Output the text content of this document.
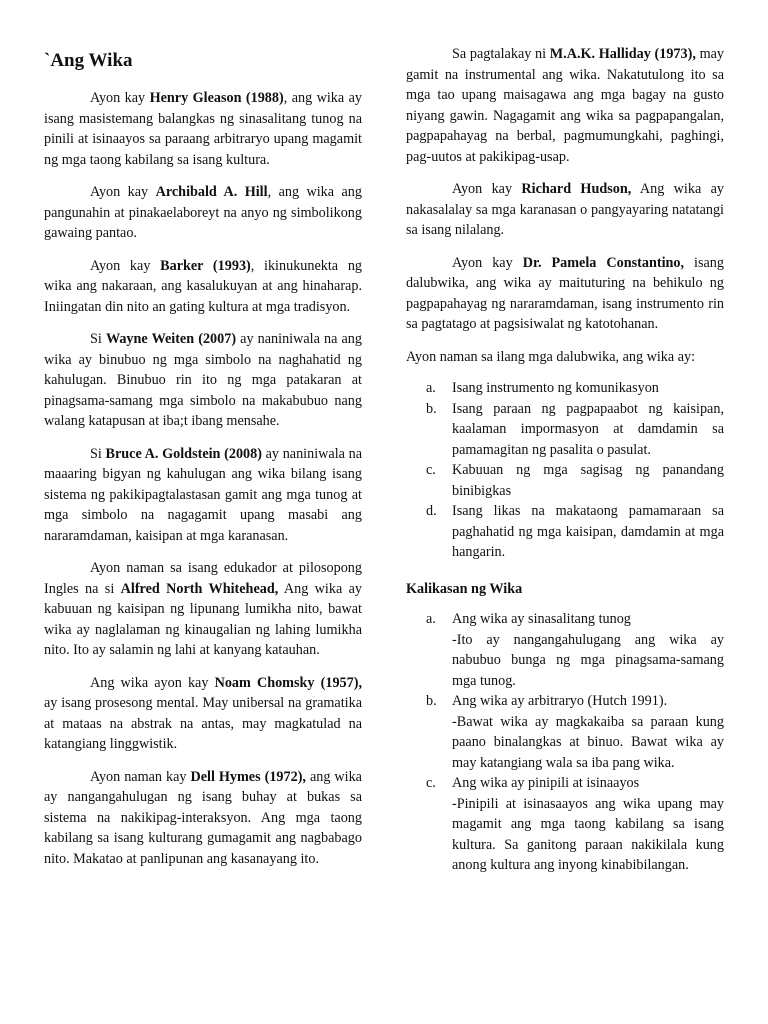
`Ang Wika

Ayon kay Henry Gleason (1988), ang wika ay isang masistemang balangkas ng sinasalitang tunog na pinili at isinaayos sa paraang arbitraryo upang magamit ng mga taong kabilang sa isang kultura.

Ayon kay Archibald A. Hill, ang wika ang pangunahin at pinakaelaboreyt na anyo ng simbolikong gawaing pantao.

Ayon kay Barker (1993), ikinukunekta ng wika ang nakaraan, ang kasalukuyan at ang hinaharap. Iniingatan din nito an gating kultura at mga tradisyon.

Si Wayne Weiten (2007) ay naniniwala na ang wika ay binubuo ng mga simbolo na naghahatid ng kahulugan. Binubuo rin ito ng mga patakaran at pinagsama-samang mga simbolo na makabubuo nang walang katapusan at iba;t ibang mensahe.

Si Bruce A. Goldstein (2008) ay naniniwala na maaaring bigyan ng kahulugan ang wika bilang isang sistema ng pakikipagtalastasan gamit ang mga tunog at mga simbolo na nagagamit upang masabi ang nararamdaman, kaisipan at mga karanasan.

Ayon naman sa isang edukador at pilosopong Ingles na si Alfred North Whitehead, Ang wika ay kabuuan ng kaisipan ng lipunang lumikha nito, bawat wika ay naglalaman ng kinaugalian ng lahing lumikha nito. Ito ay salamin ng lahi at kanyang katauhan.

Ang wika ayon kay Noam Chomsky (1957), ay isang prosesong mental. May unibersal na gramatika at mataas na abstrak na antas, may magkatulad na katangiang linggwistik.

Ayon naman kay Dell Hymes (1972), ang wika ay nangangahulugan ng isang buhay at bukas sa sistema na nakikipag-interaksyon. Ang mga taong kabilang sa isang kulturang gumagamit ang nagbabago nito. Makatao at panlipunan ang kasanayang ito.

Sa pagtalakay ni M.A.K. Halliday (1973), may gamit na instrumental ang wika. Nakatutulong ito sa mga tao upang maisagawa ang mga bagay na gusto niyang gawin. Nagagamit ang wika sa pagpapangalan, pagpapahayag na berbal, pagmumungkahi, paghingi, pag-uutos at pakikipag-usap.

Ayon kay Richard Hudson, Ang wika ay nakasalalay sa mga karanasan o pangyayaring natatangi sa isang nilalang.

Ayon kay Dr. Pamela Constantino, isang dalubwika, ang wika ay maituturing na behikulo ng pagpapahayag ng nararamdaman, isang instrumento rin sa pagtatago at pagsisiwalat ng katotohanan.

Ayon naman sa ilang mga dalubwika, ang wika ay:

a. Isang instrumento ng komunikasyon
b. Isang paraan ng pagpapaabot ng kaisipan, kaalaman impormasyon at damdamin sa pamamagitan ng pasalita o pasulat.
c. Kabuuan ng mga sagisag ng panandang binibigkas
d. Isang likas na makataong pamamaraan sa paghahatid ng mga kaisipan, damdamin at mga hangarin.
Kalikasan ng Wika
a. Ang wika ay sinasalitang tunog
-Ito ay nangangahulugang ang wika ay nabubuo bunga ng mga pinagsama-samang mga tunog.
b. Ang wika ay arbitraryo (Hutch 1991).
-Bawat wika ay magkakaiba sa paraan kung paano binalangkas at binuo. Bawat wika ay may katangiang wala sa iba pang wika.
c. Ang wika ay pinipili at isinaayos
-Pinipili at isinasaayos ang wika upang may magamit ang mga taong kabilang sa isang kultura. Sa ganitong paraan nakikilala kung anong kultura ang inyong kinabibilangan.
